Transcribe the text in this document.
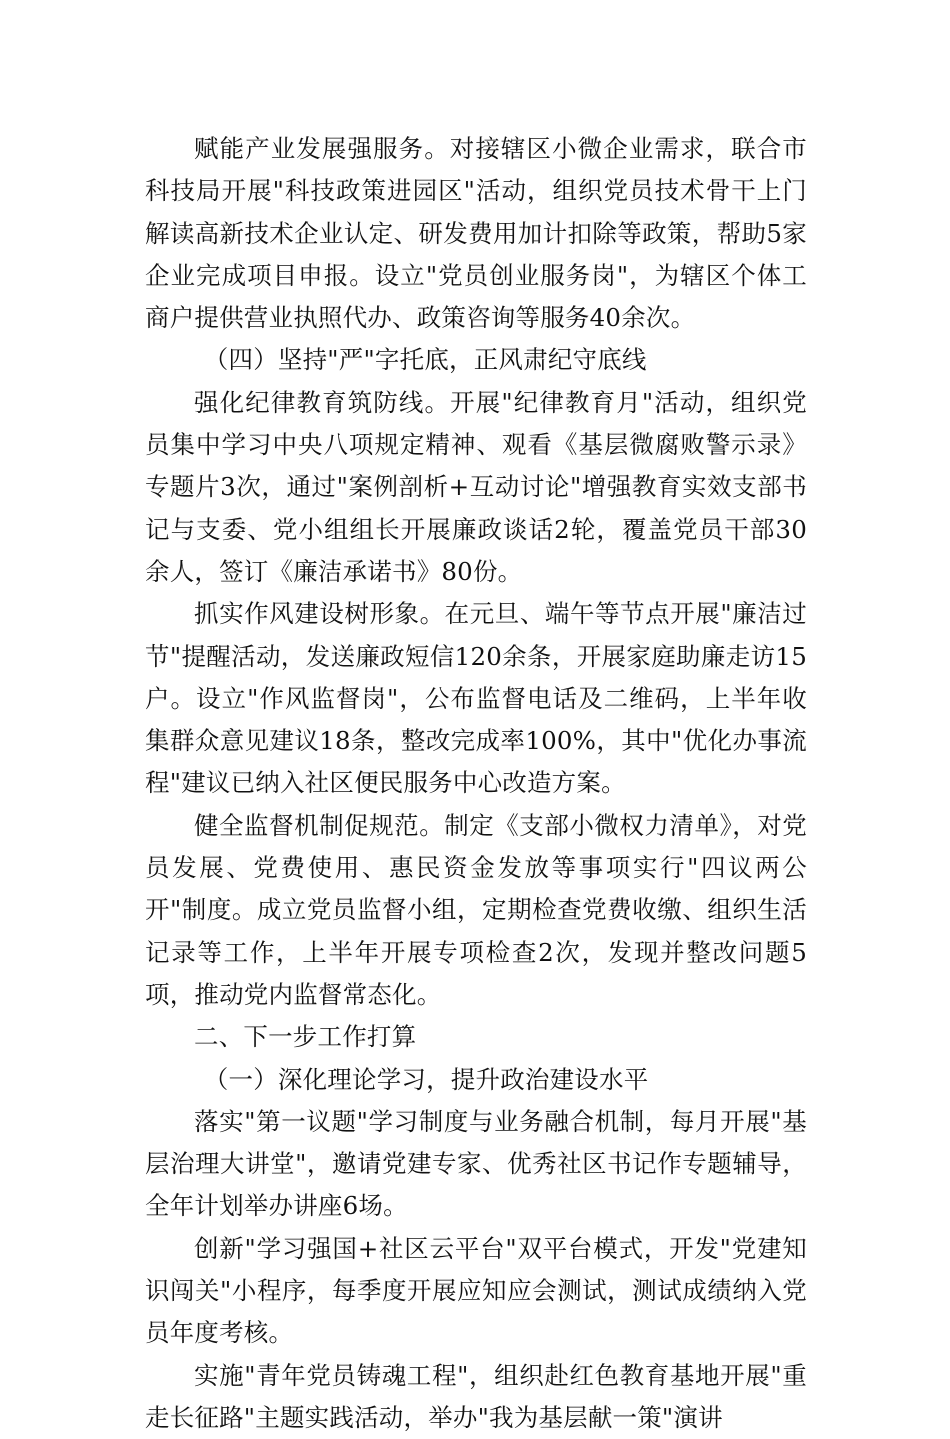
赋能产业发展强服务。对接辖区小微企业需求，联合市科技局开展"科技政策进园区"活动，组织党员技术骨干上门解读高新技术企业认定、研发费用加计扣除等政策，帮助5家企业完成项目申报。设立"党员创业服务岗"，为辖区个体工商户提供营业执照代办、政策咨询等服务40余次。

（四）坚持"严"字托底，正风肃纪守底线

强化纪律教育筑防线。开展"纪律教育月"活动，组织党员集中学习中央八项规定精神、观看《基层微腐败警示录》专题片3次，通过"案例剖析+互动讨论"增强教育实效支部书记与支委、党小组组长开展廉政谈话2轮，覆盖党员干部30余人，签订《廉洁承诺书》80份。

抓实作风建设树形象。在元旦、端午等节点开展"廉洁过节"提醒活动，发送廉政短信120余条，开展家庭助廉走访15户。设立"作风监督岗"，公布监督电话及二维码，上半年收集群众意见建议18条，整改完成率100%，其中"优化办事流程"建议已纳入社区便民服务中心改造方案。

健全监督机制促规范。制定《支部小微权力清单》，对党员发展、党费使用、惠民资金发放等事项实行"四议两公开"制度。成立党员监督小组，定期检查党费收缴、组织生活记录等工作，上半年开展专项检查2次，发现并整改问题5项，推动党内监督常态化。

二、下一步工作打算

（一）深化理论学习，提升政治建设水平

落实"第一议题"学习制度与业务融合机制，每月开展"基层治理大讲堂"，邀请党建专家、优秀社区书记作专题辅导，全年计划举办讲座6场。

创新"学习强国+社区云平台"双平台模式，开发"党建知识闯关"小程序，每季度开展应知应会测试，测试成绩纳入党员年度考核。

实施"青年党员铸魂工程"，组织赴红色教育基地开展"重走长征路"主题实践活动，举办"我为基层献一策"演讲
